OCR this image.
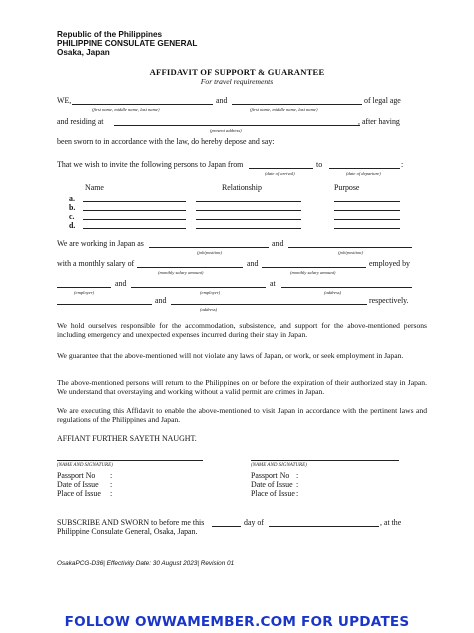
Republic of the Philippines
PHILIPPINE CONSULATE GENERAL
Osaka, Japan
AFFIDAVIT OF SUPPORT & GUARANTEE
For travel requirements
WE,	and	of legal age
(first name, middle name, last name)	(first name, middle name, last name)
and residing at	, after having
(present address)
been sworn to in accordance with the law, do hereby depose and say:
That we wish to invite the following persons to Japan from	to	:
(date of arrival)	(date of departure)
Name	Relationship	Purpose
a.
b.
c.
d.
We are working in Japan as	and
(job/position)	(job/position)
with a monthly salary of	and	employed by
(monthly salary amount)	(monthly salary amount)
and	at
(employer)	(employer)	(address)
and	respectively.
(address)
We hold ourselves responsible for the accommodation, subsistence, and support for the above-mentioned persons including emergency and unexpected expenses incurred during their stay in Japan.
We guarantee that the above-mentioned will not violate any laws of Japan, or work, or seek employment in Japan.
The above-mentioned persons will return to the Philippines on or before the expiration of their authorized stay in Japan. We understand that overstaying and working without a valid permit are crimes in Japan.
We are executing this Affidavit to enable the above-mentioned to visit Japan in accordance with the pertinent laws and regulations of the Philippines and Japan.
AFFIANT FURTHER SAYETH NAUGHT.
(NAME AND SIGNATURE)
Passport No :
Date of Issue :
Place of Issue :
(NAME AND SIGNATURE)
Passport No :
Date of Issue :
Place of Issue :
SUBSCRIBE AND SWORN to before me this	day of	, at the
Philippine Consulate General, Osaka, Japan.
OsakaPCG-D36| Effectivity Date: 30 August 2023| Revision 01
FOLLOW OWWAMEMBER.COM FOR UPDATES
